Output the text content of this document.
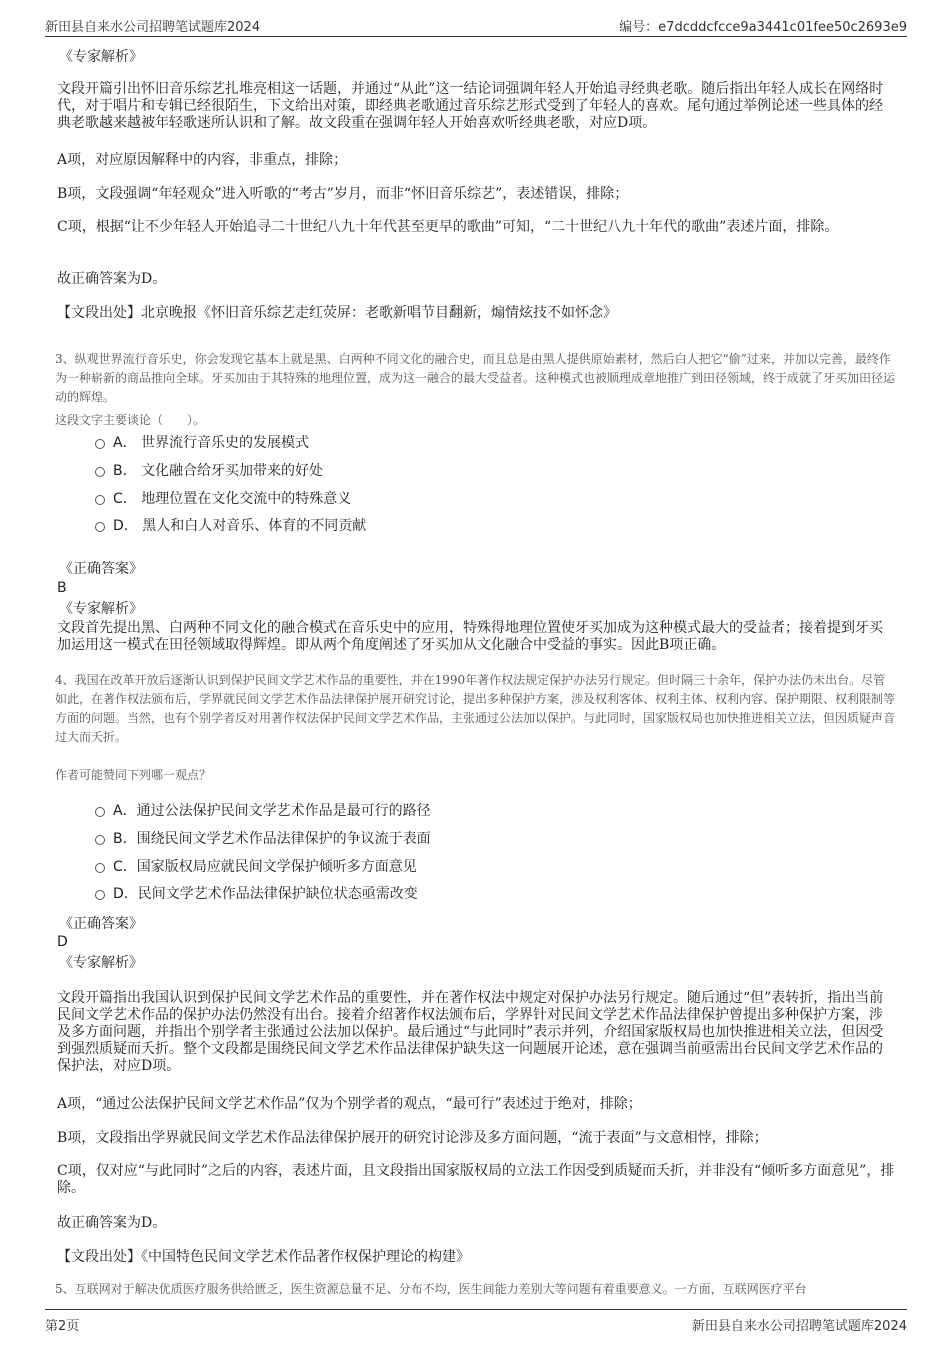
新田县自来水公司招聘笔试题库2024	编号：e7dcddcfcce9a3441c01fee50c2693e9
《专家解析》

文段开篇引出怀旧音乐综艺扎堆亮相这一话题，并通过“从此”这一结论词强调年轻人开始追寻经典老歌。随后指出年轻人成长在网络时代，对于唱片和专辑已经很陌生，下文给出对策，即经典老歌通过音乐综艺形式受到了年轻人的喜欢。尾句通过举例论述一些具体的经典老歌越来越被年轻歌迷所认识和了解。故文段重在强调年轻人开始喜欢听经典老歌，对应D项。

A项，对应原因解释中的内容，非重点，排除；

B项，文段强调“年轻观众”进入听歌的“考古”岁月，而非“怀旧音乐综艺”，表述错误，排除；

C项，根据“让不少年轻人开始追寻二十世纪八九十年代甚至更早的歌曲”可知，“二十世纪八九十年代的歌曲”表述片面，排除。

故正确答案为D。

【文段出处】北京晚报《怀旧音乐综艺走红荧屏：老歌新唱节目翻新，煽情炫技不如怀念》

3、纵观世界流行音乐史，你会发现它基本上就是黑、白两种不同文化的融合史，而且总是由黑人提供原始素材，然后白人把它“偷”过来，并加以完善，最终作为一种崭新的商品推向全球。牙买加由于其特殊的地理位置，成为这一融合的最大受益者。这种模式也被顺理成章地推广到田径领域，终于成就了牙买加田径运动的辉煌。

这段文字主要谈论（　　）。

A． 世界流行音乐史的发展模式
B． 文化融合给牙买加带来的好处
C． 地理位置在文化交流中的特殊意义
D． 黑人和白人对音乐、体育的不同贡献
《正确答案》
B
《专家解析》

文段首先提出黑、白两种不同文化的融合模式在音乐史中的应用，特殊得地理位置使牙买加成为这种模式最大的受益者；接着提到牙买加运用这一模式在田径领域取得辉煌。即从两个角度阐述了牙买加从文化融合中受益的事实。因此B项正确。

4、我国在改革开放后逐渐认识到保护民间文学艺术作品的重要性，并在1990年著作权法规定保护办法另行规定。但时隔三十余年，保护办法仍未出台。尽管如此，在著作权法颁布后，学界就民间文学艺术作品法律保护展开研究讨论，提出多种保护方案，涉及权利客体、权利主体、权利内容、保护期限、权利限制等方面的问题。当然，也有个别学者反对用著作权法保护民间文学艺术作品，主张通过公法加以保护。与此同时，国家版权局也加快推进相关立法，但因质疑声音过大而夭折。

作者可能赞同下列哪一观点？

A．通过公法保护民间文学艺术作品是最可行的路径
B．围绕民间文学艺术作品法律保护的争议流于表面
C．国家版权局应就民间文学保护倾听多方面意见
D．民间文学艺术作品法律保护缺位状态亟需改变
《正确答案》
D
《专家解析》

文段开篇指出我国认识到保护民间文学艺术作品的重要性，并在著作权法中规定对保护办法另行规定。随后通过“但”表转折，指出当前民间文学艺术作品的保护办法仍然没有出台。接着介绍著作权法颁布后，学界针对民间文学艺术作品法律保护曾提出多种保护方案，涉及多方面问题，并指出个别学者主张通过公法加以保护。最后通过“与此同时”表示并列，介绍国家版权局也加快推进相关立法，但因受到强烈质疑而夭折。整个文段都是围绕民间文学艺术作品法律保护缺失这一问题展开论述，意在强调当前亟需出台民间文学艺术作品的保护法，对应D项。

A项，“通过公法保护民间文学艺术作品”仅为个别学者的观点，“最可行”表述过于绝对，排除；

B项，文段指出学界就民间文学艺术作品法律保护展开的研究讨论涉及多方面问题，“流于表面”与文意相悖，排除；

C项，仅对应“与此同时”之后的内容，表述片面，且文段指出国家版权局的立法工作因受到质疑而夭折，并非没有“倾听多方面意见”，排除。

故正确答案为D。

【文段出处】《中国特色民间文学艺术作品著作权保护理论的构建》

5、互联网对于解决优质医疗服务供给匮乏，医生资源总量不足、分布不均，医生间能力差别大等问题有着重要意义。一方面，互联网医疗平台

第2页	新田县自来水公司招聘笔试题库2024
